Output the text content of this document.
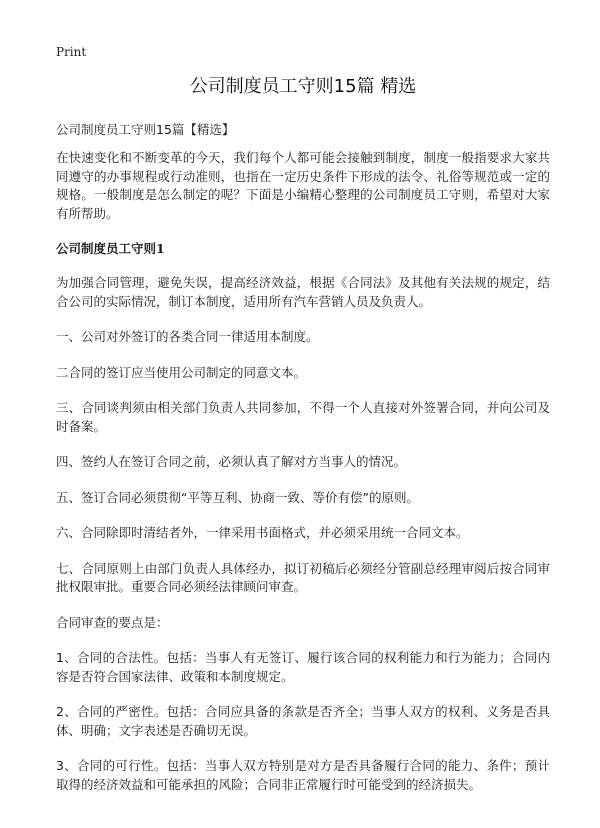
Print
公司制度员工守则15篇 精选
公司制度员工守则15篇【精选】

在快速变化和不断变革的今天，我们每个人都可能会接触到制度，制度一般指要求大家共同遵守的办事规程或行动准则，也指在一定历史条件下形成的法令、礼俗等规范或一定的规格。一般制度是怎么制定的呢？下面是小编精心整理的公司制度员工守则，希望对大家有所帮助。

公司制度员工守则1

为加强合同管理，避免失误，提高经济效益，根据《合同法》及其他有关法规的规定，结合公司的实际情况，制订本制度，适用所有汽车营销人员及负责人。

一、公司对外签订的各类合同一律适用本制度。

二合同的签订应当使用公司制定的同意文本。

三、合同谈判须由相关部门负责人共同参加，不得一个人直接对外签署合同，并向公司及时备案。

四、签约人在签订合同之前，必须认真了解对方当事人的情况。

五、签订合同必须贯彻“平等互利、协商一致、等价有偿”的原则。

六、合同除即时清结者外，一律采用书面格式，并必须采用统一合同文本。

七、合同原则上由部门负责人具体经办，拟订初稿后必须经分管副总经理审阅后按合同审批权限审批。重要合同必须经法律顾问审查。

合同审查的要点是：

1、合同的合法性。包括：当事人有无签订、履行该合同的权利能力和行为能力；合同内容是否符合国家法律、政策和本制度规定。

2、合同的严密性。包括：合同应具备的条款是否齐全；当事人双方的权利、义务是否具体、明确；文字表述是否确切无误。

3、合同的可行性。包括：当事人双方特别是对方是否具备履行合同的能力、条件；预计取得的经济效益和可能承担的风险；合同非正常履行时可能受到的经济损失。
